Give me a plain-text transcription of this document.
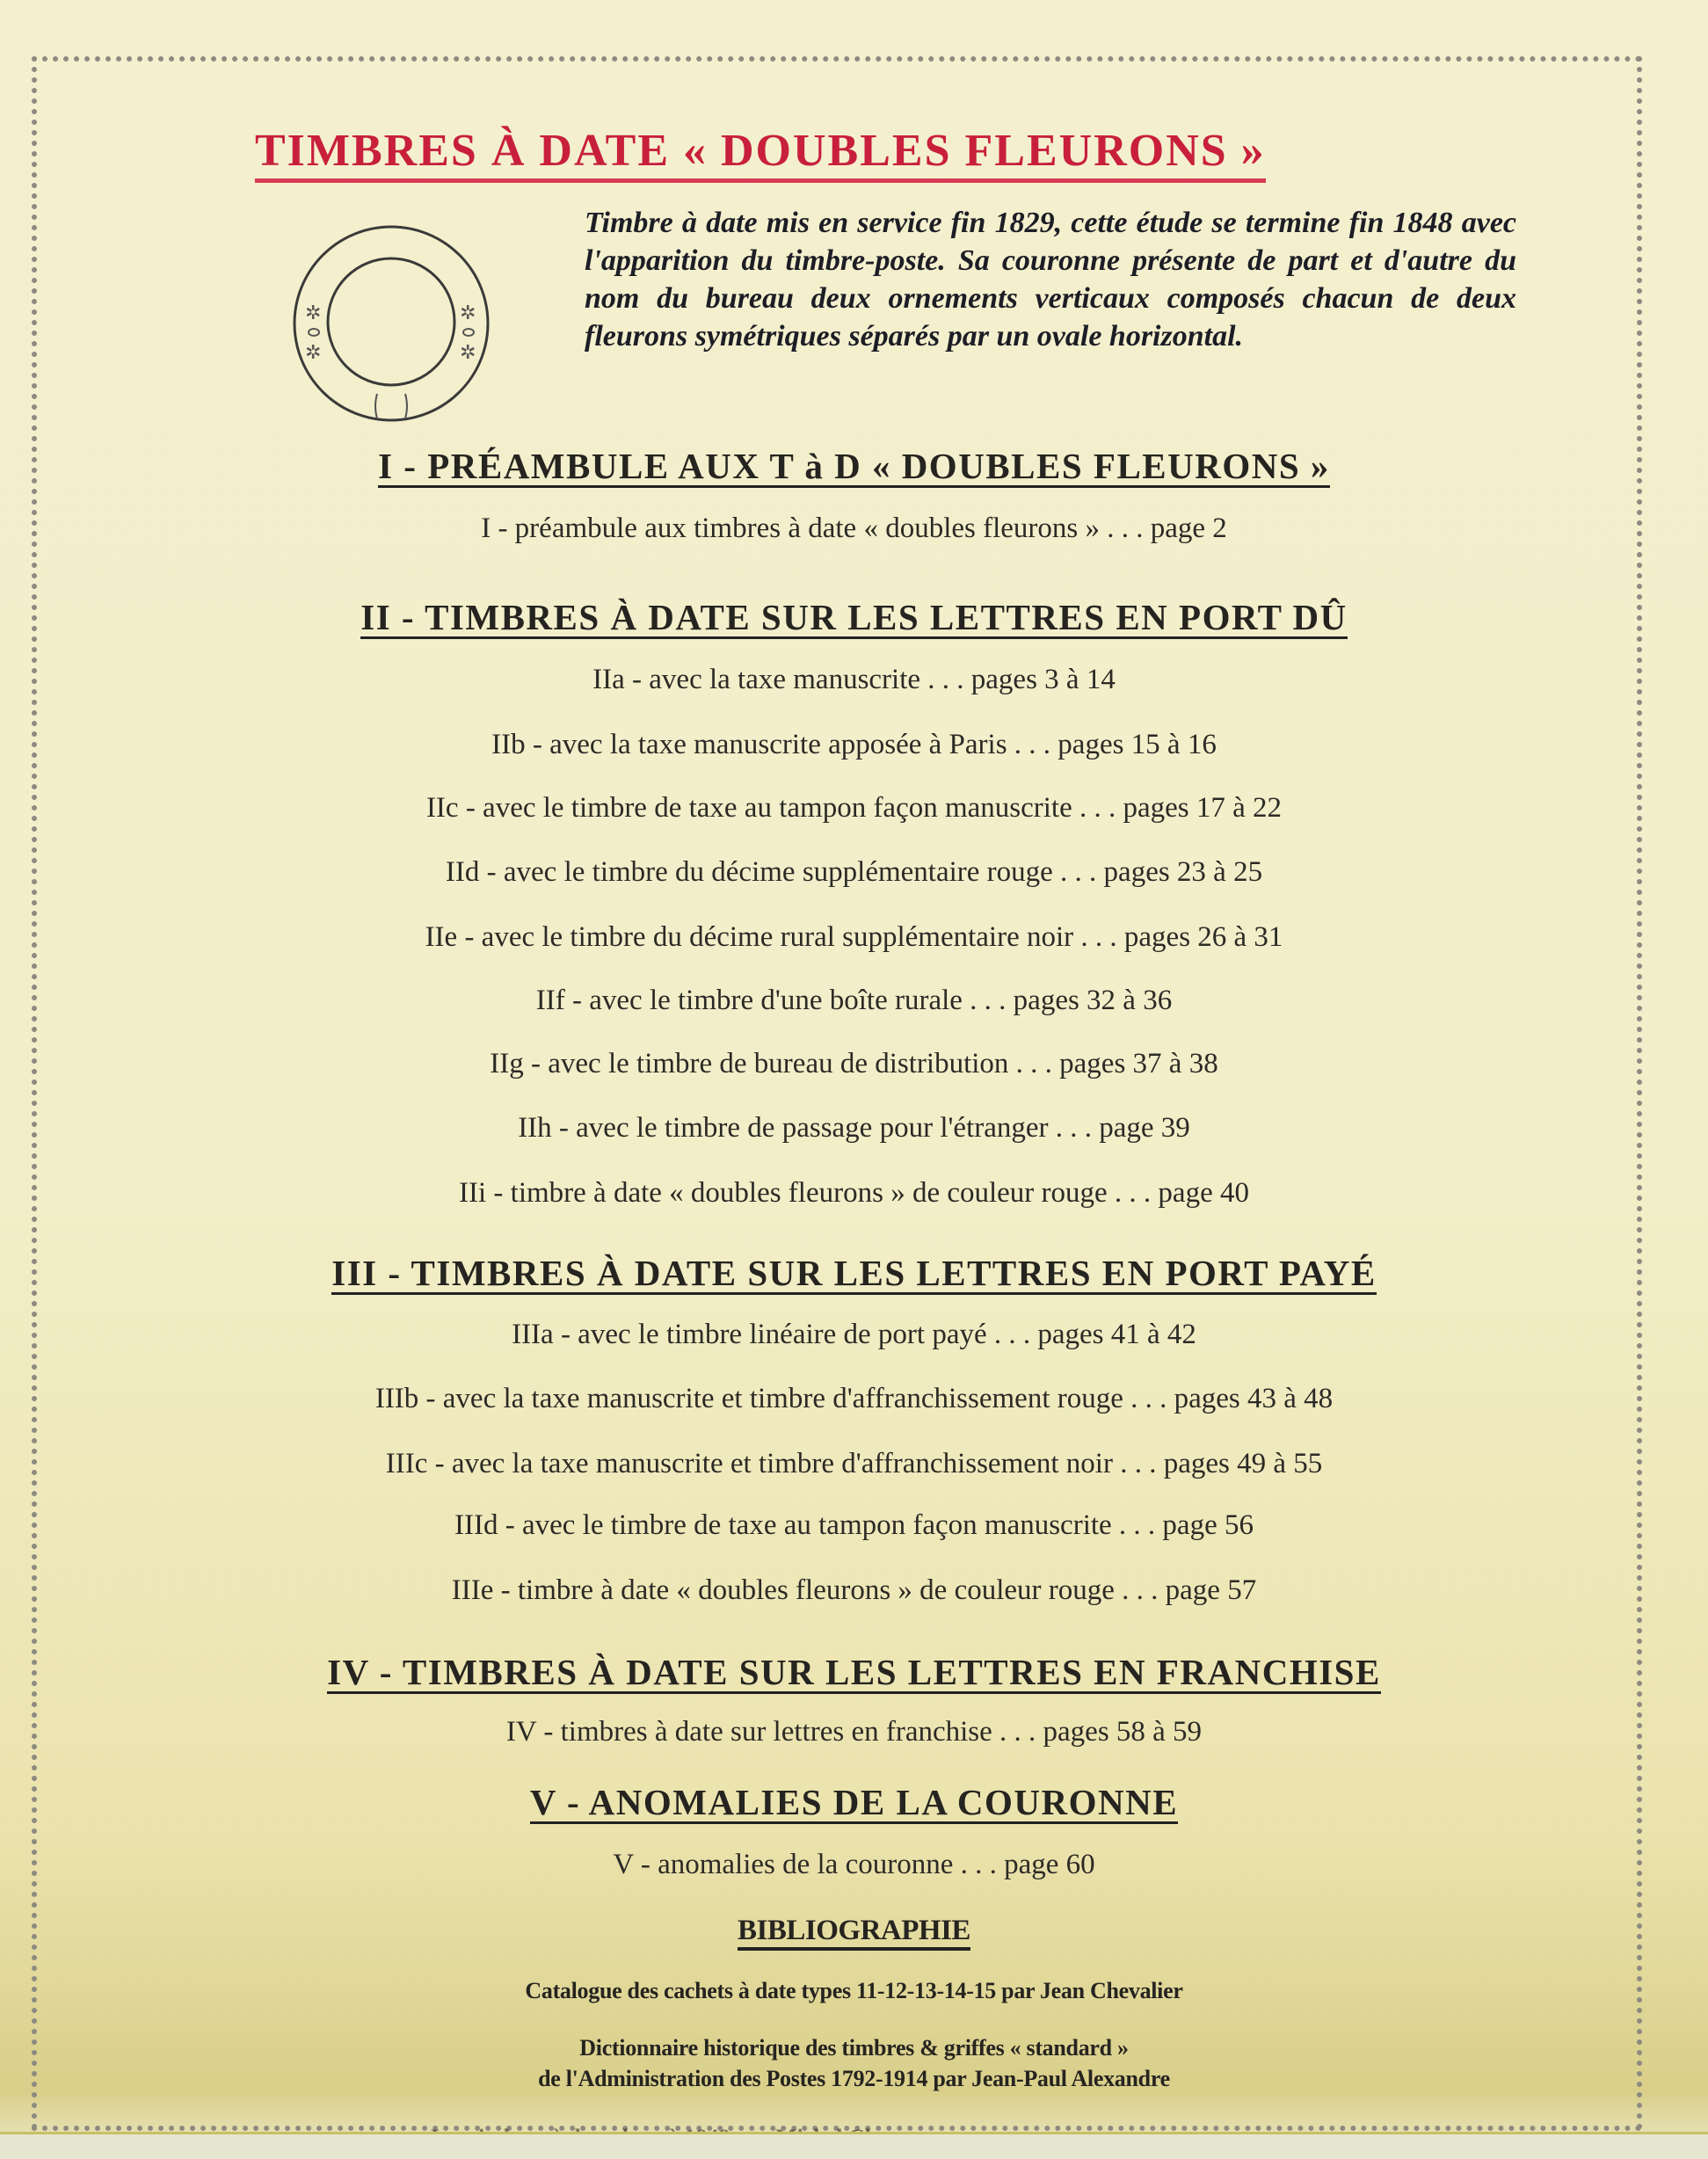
TIMBRES À DATE « DOUBLES FLEURONS »
✲
✲
✲
✲
Timbre à date mis en service fin 1829, cette étude se termine fin 1848 avec l'apparition du timbre-poste. Sa couronne présente de part et d'autre du nom du bureau deux ornements verticaux composés chacun de deux fleurons symétriques séparés par un ovale horizontal.
I - PRÉAMBULE AUX T à D « DOUBLES FLEURONS »
I - préambule aux timbres à date « doubles fleurons » . . . page 2
II - TIMBRES À DATE SUR LES LETTRES EN PORT DÛ
IIa - avec la taxe manuscrite . . . pages 3 à 14
IIb - avec la taxe manuscrite apposée à Paris . . . pages 15 à 16
IIc - avec le timbre de taxe au tampon façon manuscrite . . . pages 17 à 22
IId - avec le timbre du décime supplémentaire rouge . . . pages 23 à 25
IIe - avec le timbre du décime rural supplémentaire noir . . . pages 26 à 31
IIf - avec le timbre d'une boîte rurale . . . pages 32 à 36
IIg - avec le timbre de bureau de distribution . . . pages 37 à 38
IIh - avec le timbre de passage pour l'étranger . . . page 39
IIi - timbre à date « doubles fleurons » de couleur rouge . . . page 40
III - TIMBRES À DATE SUR LES LETTRES EN PORT PAYÉ
IIIa - avec le timbre linéaire de port payé . . . pages 41 à 42
IIIb - avec la taxe manuscrite et timbre d'affranchissement rouge . . . pages 43 à 48
IIIc - avec la taxe manuscrite et timbre d'affranchissement noir . . . pages 49 à 55
IIId - avec le timbre de taxe au tampon façon manuscrite . . . page 56
IIIe - timbre à date « doubles fleurons » de couleur rouge . . . page 57
IV - TIMBRES À DATE SUR LES LETTRES EN FRANCHISE
IV - timbres à date sur lettres en franchise . . . pages 58 à 59
V - ANOMALIES DE LA COURONNE
V - anomalies de la couronne . . . page 60
BIBLIOGRAPHIE
Catalogue des cachets à date types 11-12-13-14-15 par Jean Chevalier
Dictionnaire historique des timbres & griffes « standard »
de l'Administration des Postes 1792-1914 par Jean-Paul Alexandre
